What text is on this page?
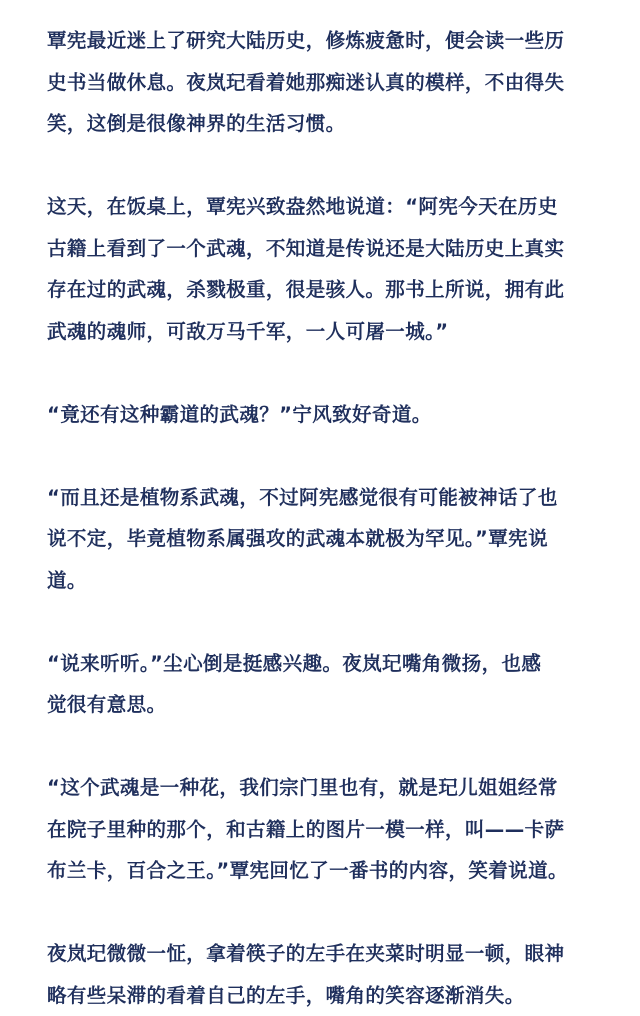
覃宪最近迷上了研究大陆历史，修炼疲惫时，便会读一些历
史书当做休息。夜岚玘看着她那痴迷认真的模样，不由得失
笑，这倒是很像神界的生活习惯。

这天，在饭桌上，覃宪兴致盎然地说道：“阿宪今天在历史
古籍上看到了一个武魂，不知道是传说还是大陆历史上真实
存在过的武魂，杀戮极重，很是骇人。那书上所说，拥有此
武魂的魂师，可敌万马千军，一人可屠一城。”

“竟还有这种霸道的武魂？”宁风致好奇道。

“而且还是植物系武魂，不过阿宪感觉很有可能被神话了也
说不定，毕竟植物系属强攻的武魂本就极为罕见。”覃宪说
道。

“说来听听。”尘心倒是挺感兴趣。夜岚玘嘴角微扬，也感
觉很有意思。

“这个武魂是一种花，我们宗门里也有，就是玘儿姐姐经常
在院子里种的那个，和古籍上的图片一模一样，叫——卡萨
布兰卡，百合之王。”覃宪回忆了一番书的内容，笑着说道。

夜岚玘微微一怔，拿着筷子的左手在夹菜时明显一顿，眼神
略有些呆滞的看着自己的左手，嘴角的笑容逐渐消失。
